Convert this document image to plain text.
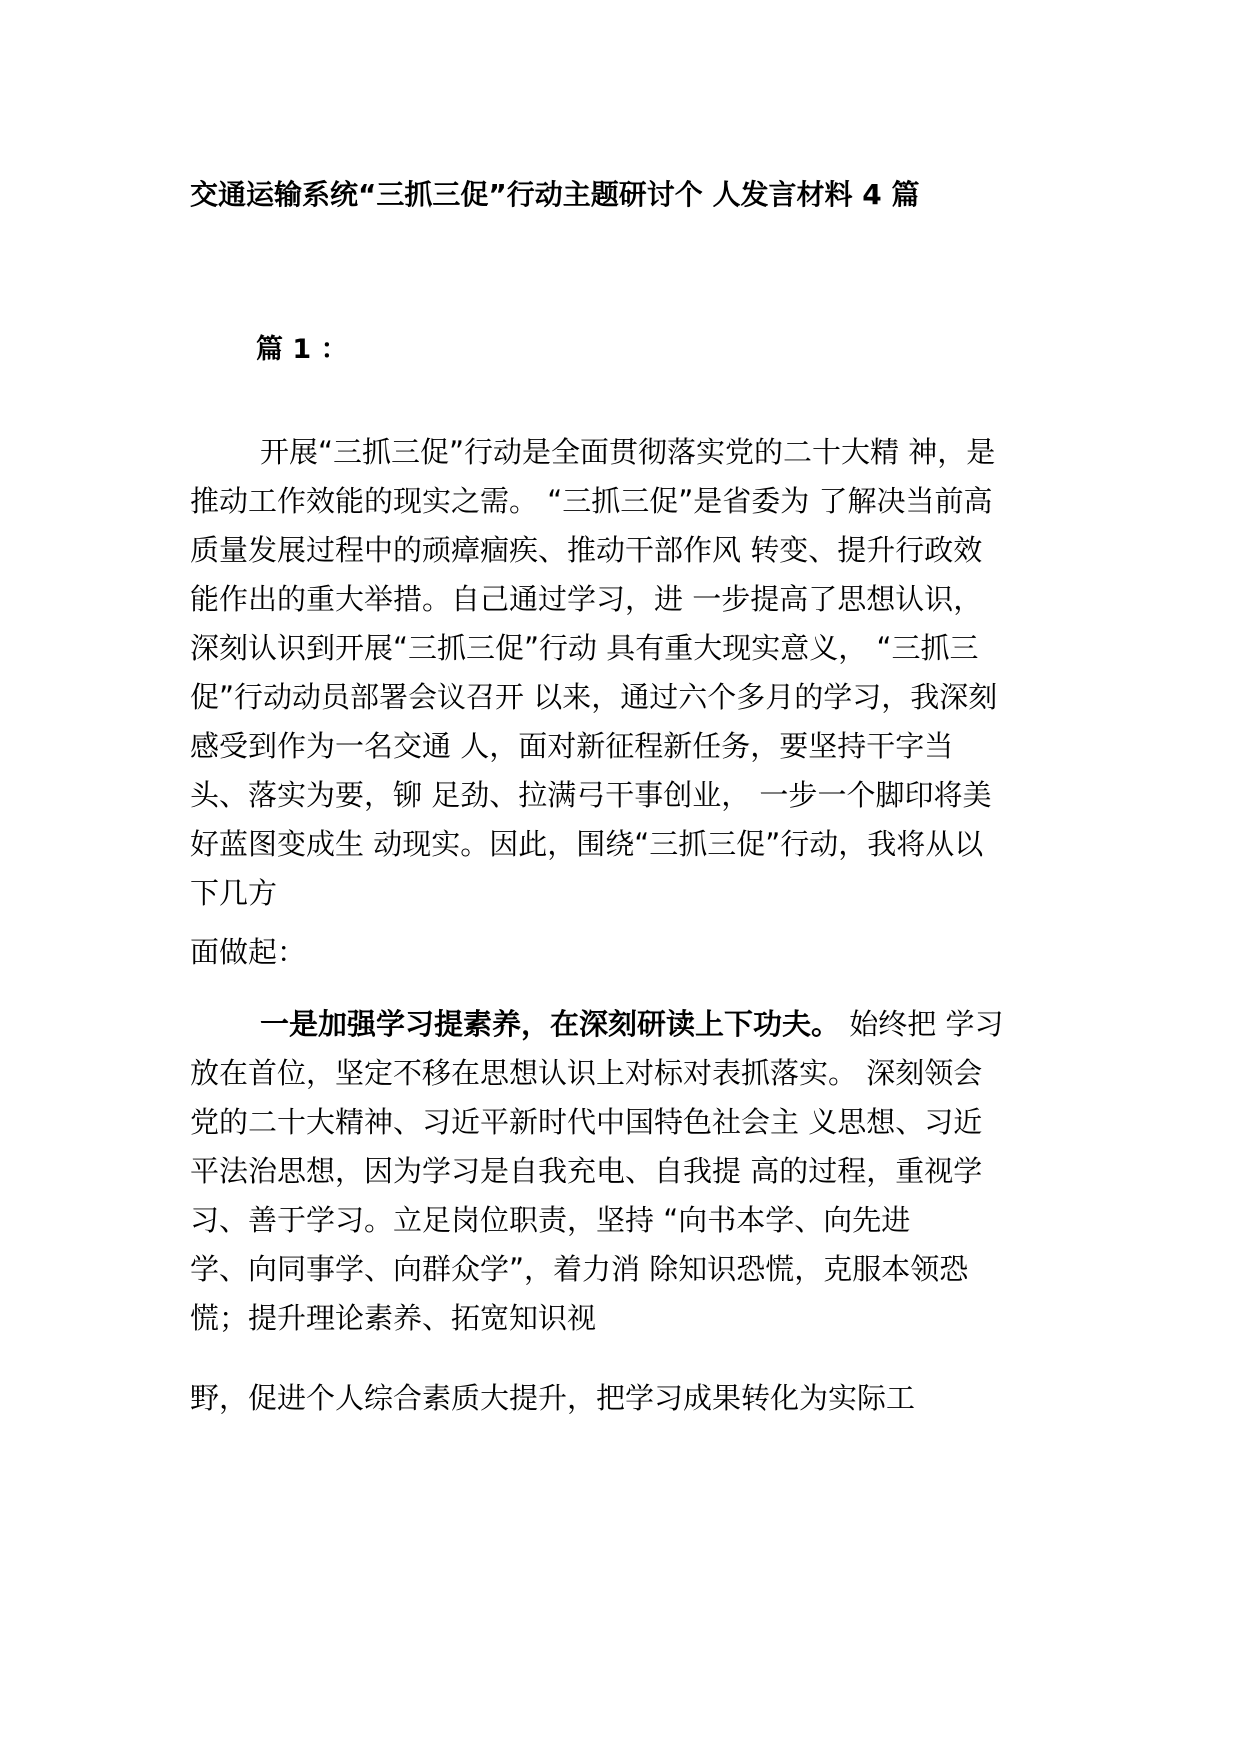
交通运输系统“三抓三促”行动主题研讨个 人发言材料 4 篇
篇 1 ：
开展“三抓三促”行动是全面贯彻落实党的二十大精 神，是
推动工作效能的现实之需。 “三抓三促”是省委为 了解决当前高
质量发展过程中的顽瘴痼疾、推动干部作风 转变、提升行政效
能作出的重大举措。自己通过学习，进 一步提高了思想认识，
深刻认识到开展“三抓三促”行动 具有重大现实意义， “三抓三
促”行动动员部署会议召开 以来，通过六个多月的学习，我深刻
感受到作为一名交通 人，面对新征程新任务，要坚持干字当
头、落实为要，铆 足劲、拉满弓干事创业， 一步一个脚印将美
好蓝图变成生 动现实。因此，围绕“三抓三促”行动，我将从以
下几方
面做起：
一是加强学习提素养，在深刻研读上下功夫。 始终把 学习
放在首位，坚定不移在思想认识上对标对表抓落实。 深刻领会
党的二十大精神、习近平新时代中国特色社会主 义思想、习近
平法治思想，因为学习是自我充电、自我提 高的过程，重视学
习、善于学习。立足岗位职责，坚持 “向书本学、向先进
学、向同事学、向群众学”，着力消 除知识恐慌，克服本领恐
慌；提升理论素养、拓宽知识视
野，促进个人综合素质大提升，把学习成果转化为实际工
